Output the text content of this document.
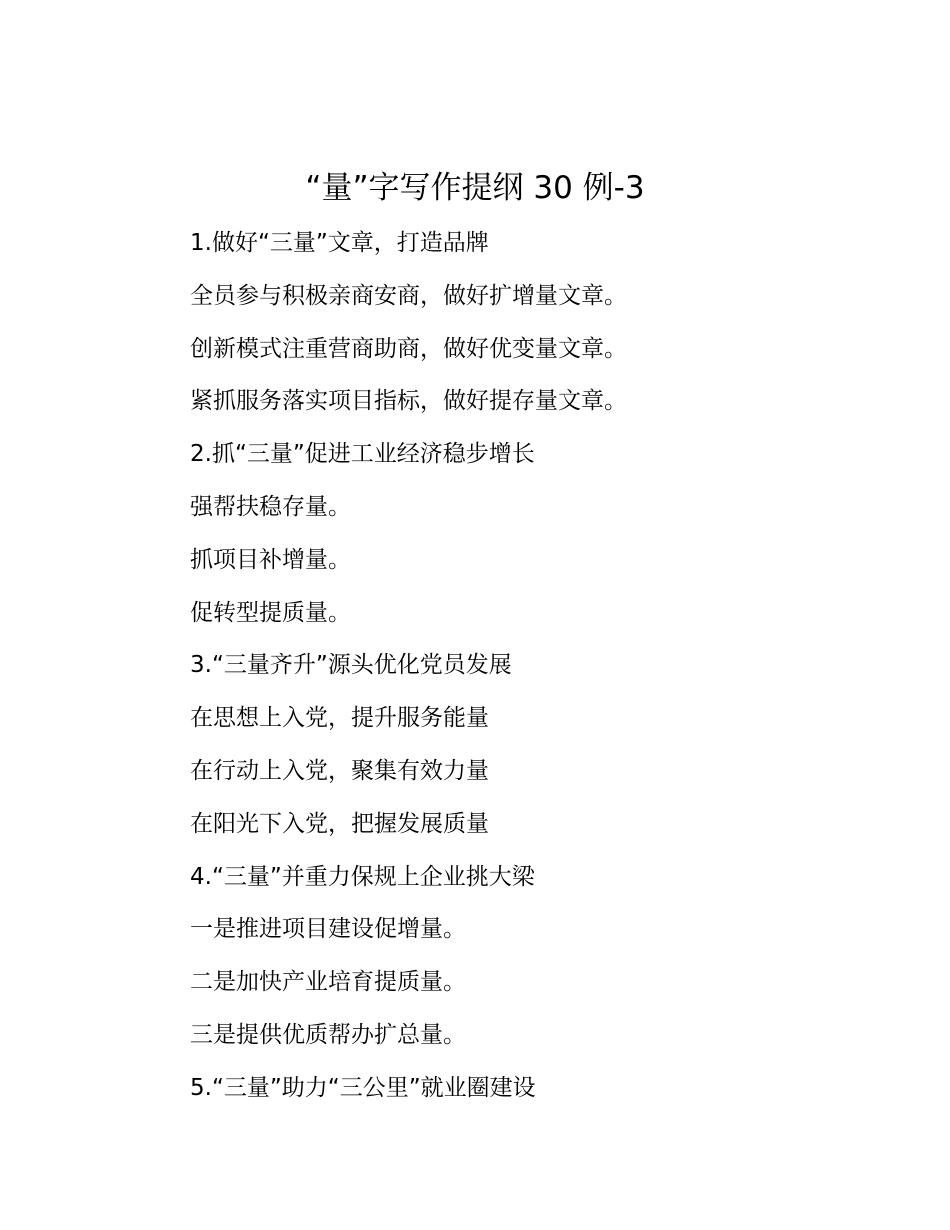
“量”字写作提纲 30 例-3

1.做好“三量”文章，打造品牌

全员参与积极亲商安商，做好扩增量文章。

创新模式注重营商助商，做好优变量文章。

紧抓服务落实项目指标，做好提存量文章。

2.抓“三量”促进工业经济稳步增长

强帮扶稳存量。

抓项目补增量。

促转型提质量。

3.“三量齐升”源头优化党员发展

在思想上入党，提升服务能量

在行动上入党，聚集有效力量

在阳光下入党，把握发展质量

4.“三量”并重力保规上企业挑大梁

一是推进项目建设促增量。

二是加快产业培育提质量。

三是提供优质帮办扩总量。

5.“三量”助力“三公里”就业圈建设
